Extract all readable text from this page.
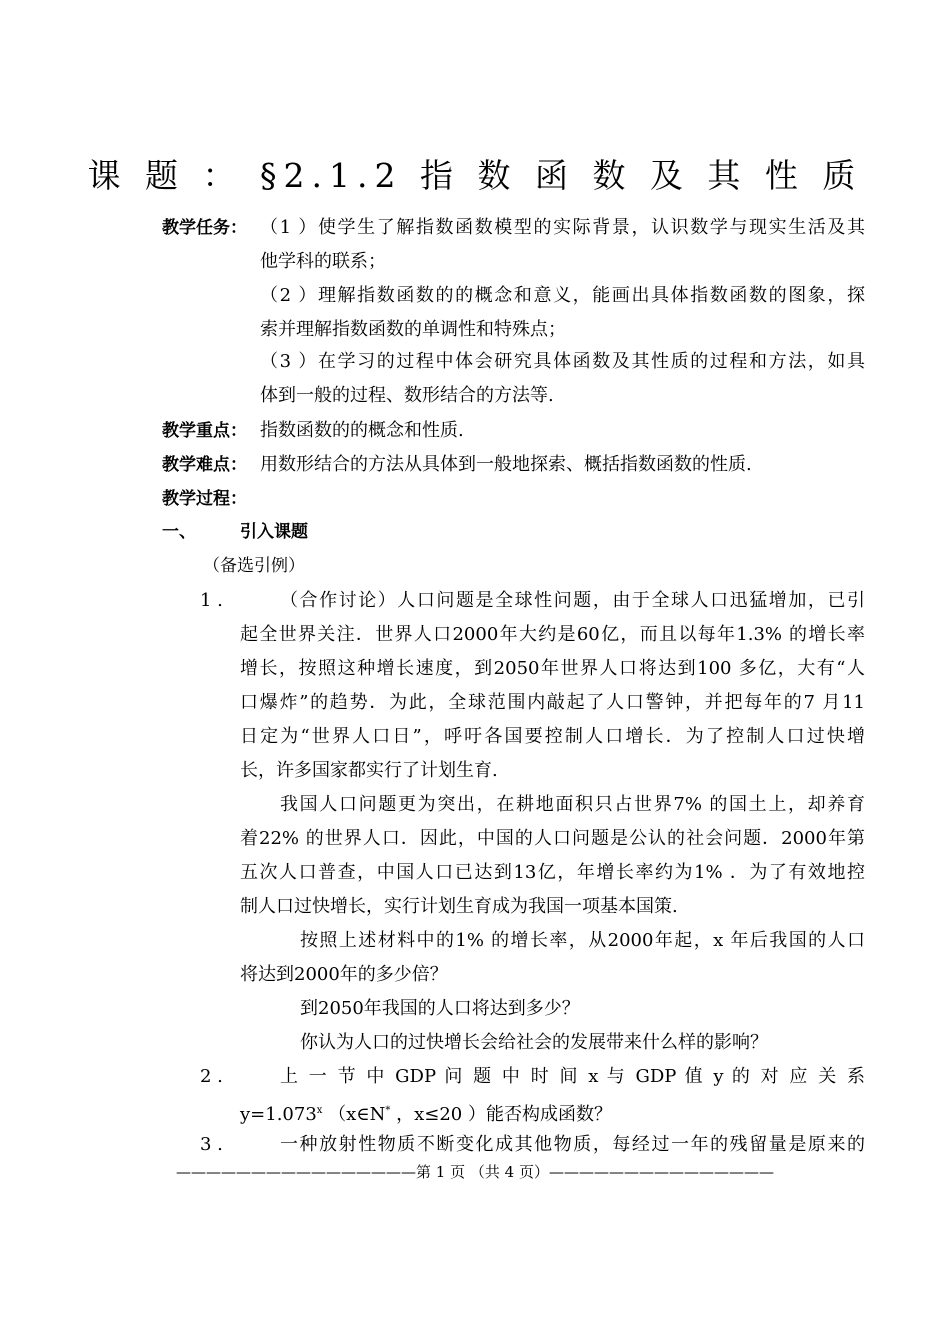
课 题 ： §2.1.2 指 数 函 数 及 其 性 质
教学任务： （1 ）使学生了解指数函数模型的实际背景，认识数学与现实生活及其
他学科的联系；
（2 ）理解指数函数的的概念和意义，能画出具体指数函数的图象，探
索并理解指数函数的单调性和特殊点；
（3 ）在学习的过程中体会研究具体函数及其性质的过程和方法，如具
体到一般的过程、数形结合的方法等.
教学重点： 指数函数的的概念和性质.
教学难点： 用数形结合的方法从具体到一般地探索、概括指数函数的性质.
教学过程：
一、	引入课题
（备选引例）
1 .	（合作讨论）人口问题是全球性问题，由于全球人口迅猛增加，已引
起全世界关注．世界人口2000年大约是60亿，而且以每年1.3% 的增长率
增长，按照这种增长速度，到2050年世界人口将达到100 多亿，大有“人
口爆炸”的趋势．为此，全球范围内敲起了人口警钟，并把每年的7 月11
日定为“世界人口日”，呼吁各国要控制人口增长．为了控制人口过快增
长，许多国家都实行了计划生育.
我国人口问题更为突出，在耕地面积只占世界7% 的国土上，却养育
着22% 的世界人口．因此，中国的人口问题是公认的社会问题．2000年第
五次人口普查，中国人口已达到13亿，年增长率约为1% ．为了有效地控
制人口过快增长，实行计划生育成为我国一项基本国策.
按照上述材料中的1% 的增长率，从2000年起，x 年后我国的人口
将达到2000年的多少倍？
到2050年我国的人口将达到多少？
你认为人口的过快增长会给社会的发展带来什么样的影响？
2 .	上 一 节 中 GDP 问 题 中 时 间 x 与 GDP 值 y 的 对 应 关 系
$y=1.073^x$ （x∈N* ，x≤20 ）能否构成函数？
3 .	一种放射性物质不断变化成其他物质，每经过一年的残留量是原来的
————————————————第 1 页 （共 4 页）———————————————
